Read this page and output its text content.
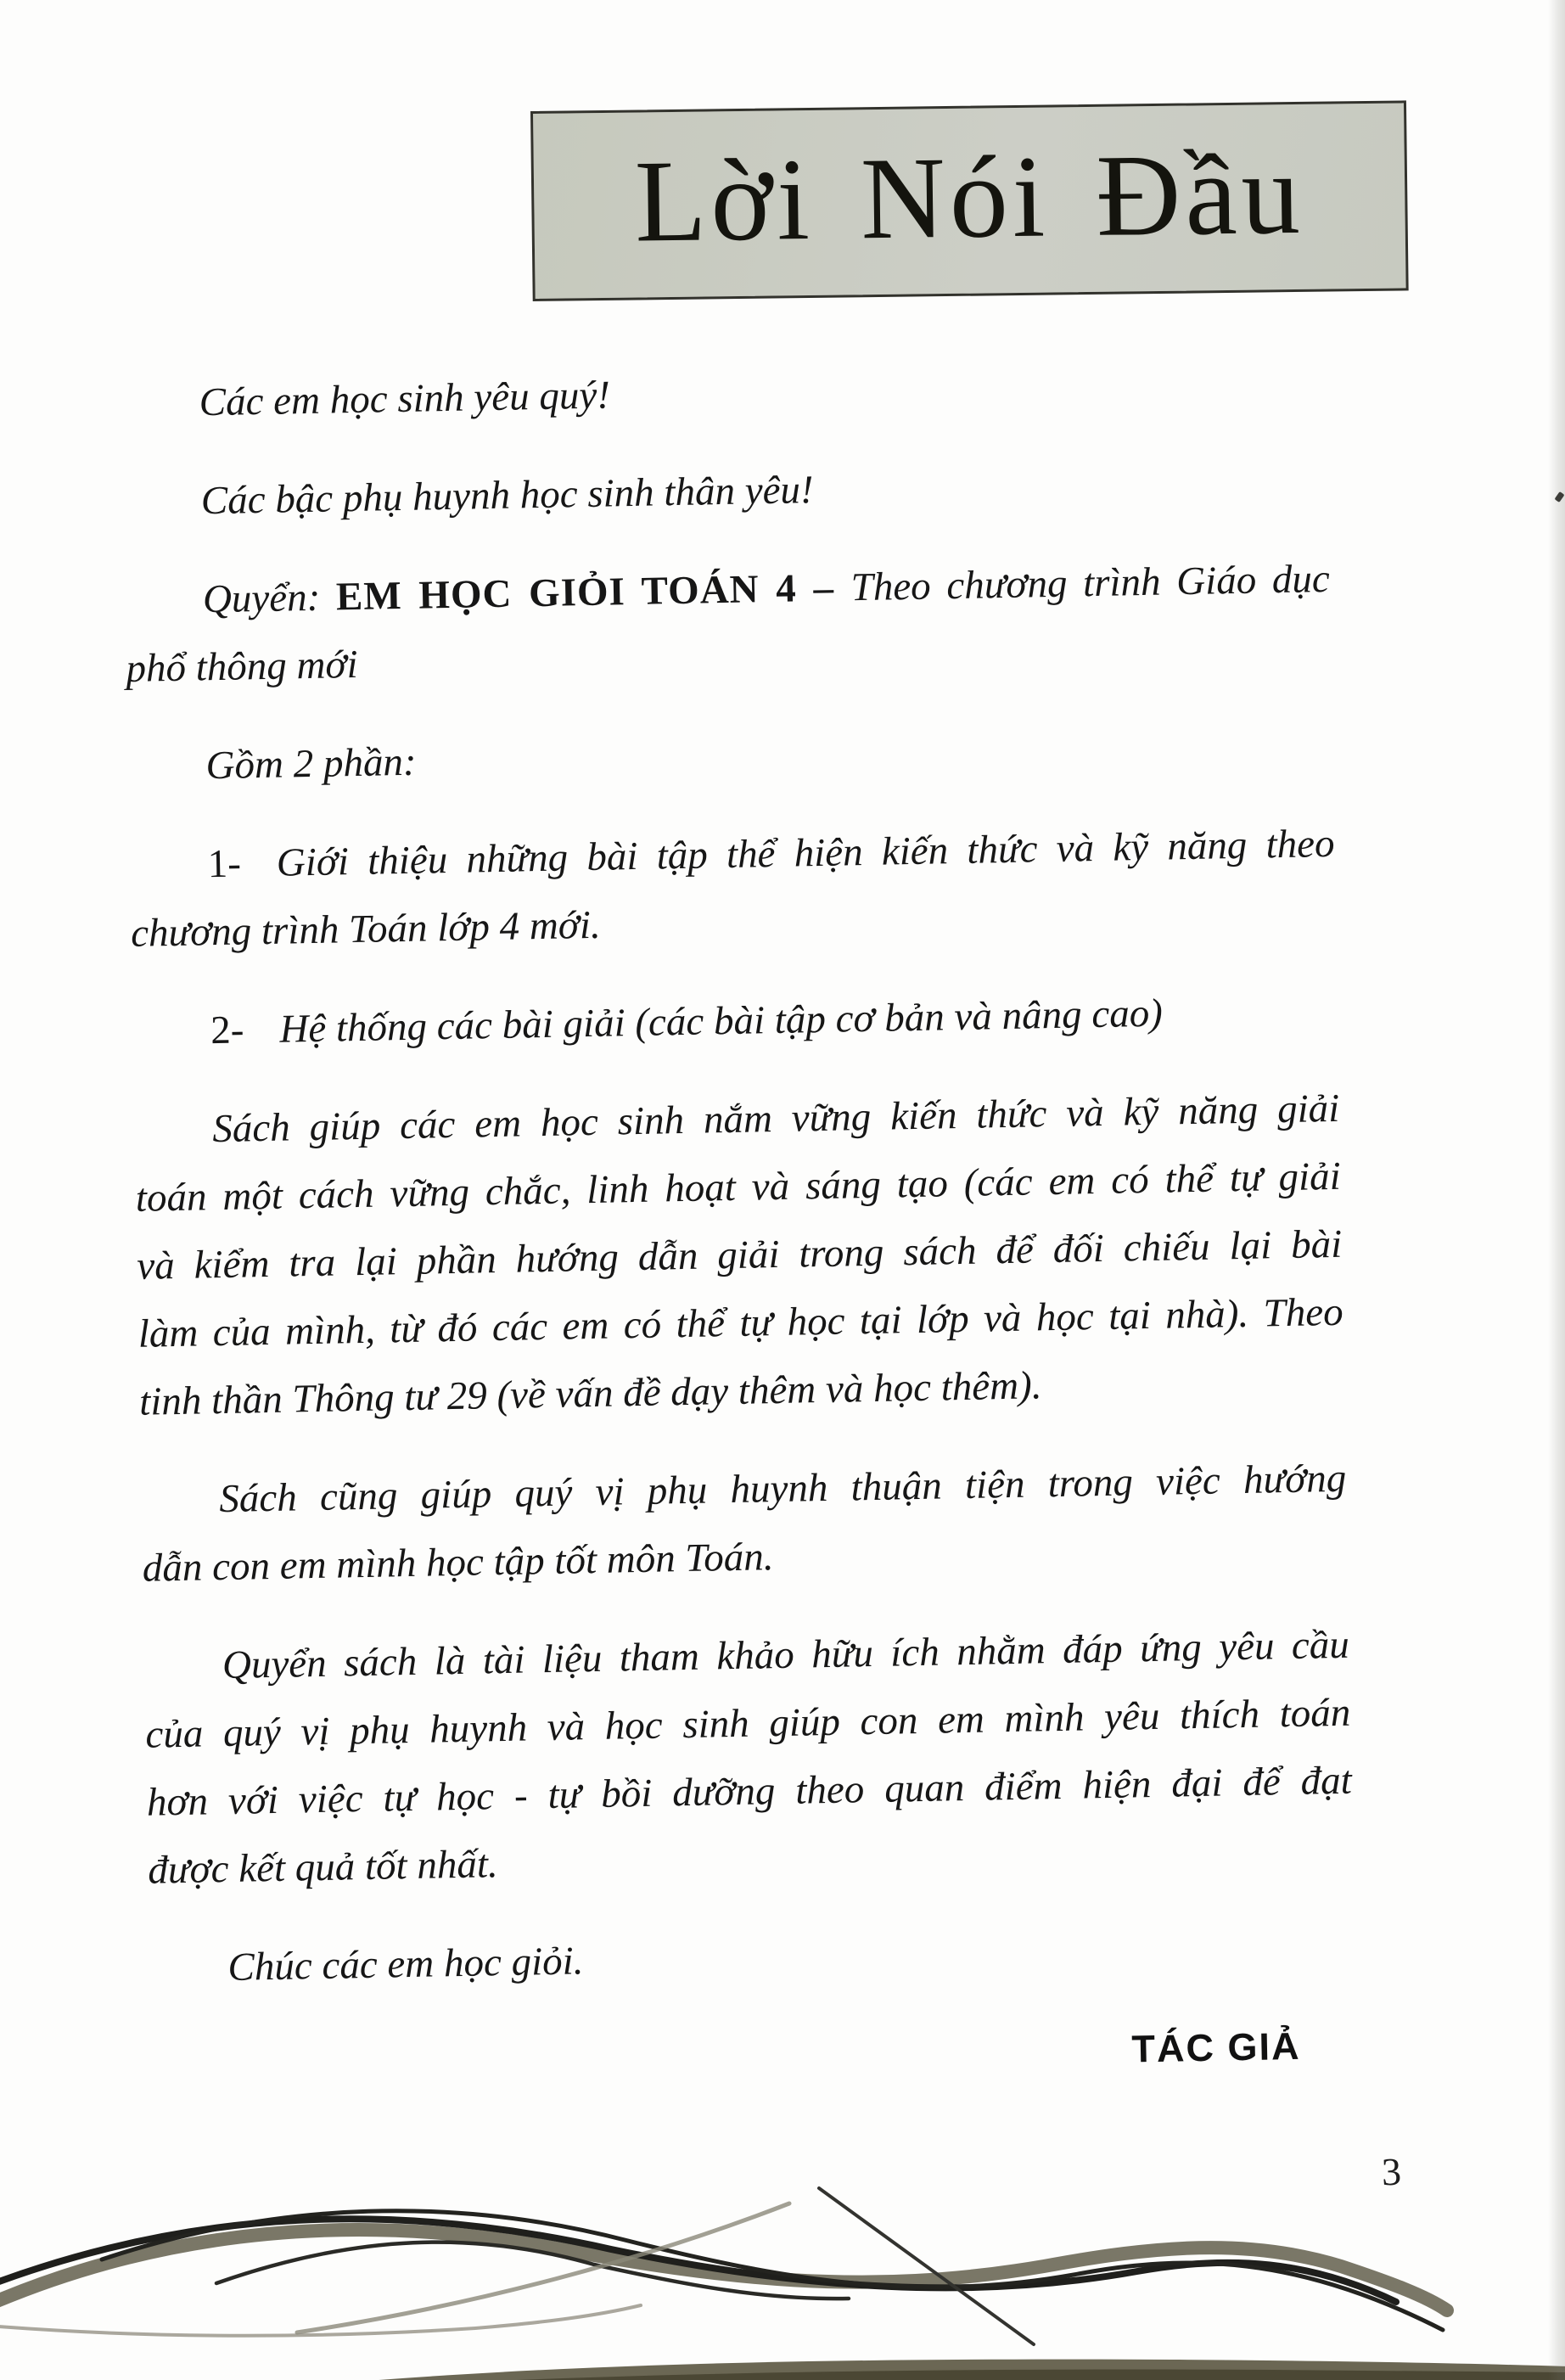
Lời Nói Đầu
Các em học sinh yêu quý!
Các bậc phụ huynh học sinh thân yêu!
Quyển: EM HỌC GIỎI TOÁN 4 – Theo chương trình Giáo dục
phổ thông mới
Gồm 2 phần:
1- Giới thiệu những bài tập thể hiện kiến thức và kỹ năng theo
chương trình Toán lớp 4 mới.
2- Hệ thống các bài giải (các bài tập cơ bản và nâng cao)
Sách giúp các em học sinh nắm vững kiến thức và kỹ năng giải
toán một cách vững chắc, linh hoạt và sáng tạo (các em có thể tự giải
và kiểm tra lại phần hướng dẫn giải trong sách để đối chiếu lại bài
làm của mình, từ đó các em có thể tự học tại lớp và học tại nhà). Theo
tinh thần Thông tư 29 (về vấn đề dạy thêm và học thêm).
Sách cũng giúp quý vị phụ huynh thuận tiện trong việc hướng
dẫn con em mình học tập tốt môn Toán.
Quyển sách là tài liệu tham khảo hữu ích nhằm đáp ứng yêu cầu
của quý vị phụ huynh và học sinh giúp con em mình yêu thích toán
hơn với việc tự học - tự bồi dưỡng theo quan điểm hiện đại để đạt
được kết quả tốt nhất.
Chúc các em học giỏi.
TÁC GIẢ
3
